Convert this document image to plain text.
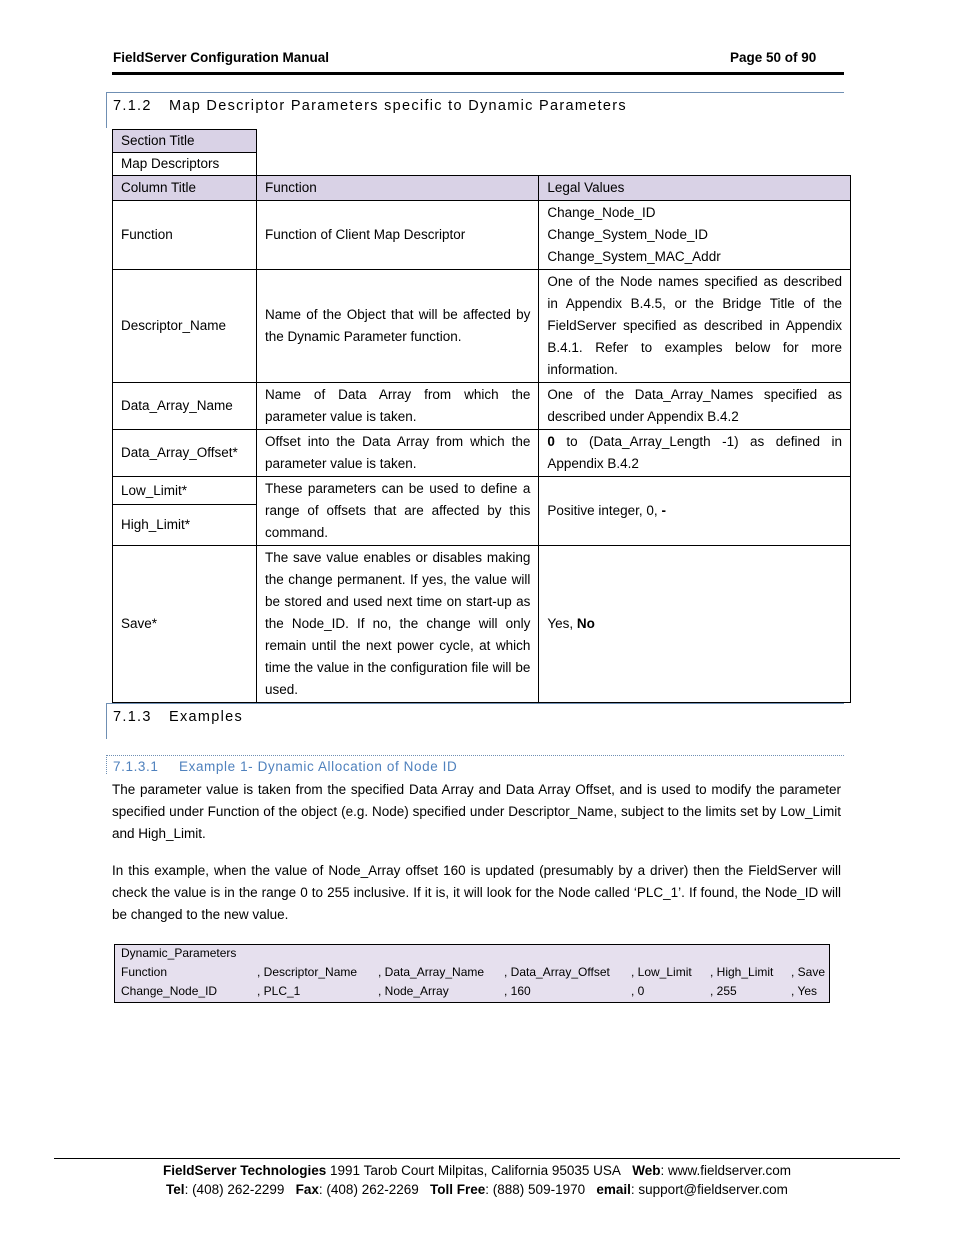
FieldServer Configuration Manual	Page 50 of 90
7.1.2 Map Descriptor Parameters specific to Dynamic Parameters
Section Title
Map Descriptors
Column Title	Function	Legal Values
Function	Function of Client Map Descriptor	Change_Node_ID
Change_System_Node_ID
Change_System_MAC_Addr

Descriptor_Name	Name of the Object that will be affected by the Dynamic Parameter function.	One of the Node names specified as described in Appendix B.4.5, or the Bridge Title of the FieldServer specified as described in Appendix B.4.1. Refer to examples below for more information.
Data_Array_Name	Name of Data Array from which the parameter value is taken.	One of the Data_Array_Names specified as described under Appendix B.4.2
Data_Array_Offset*	Offset into the Data Array from which the parameter value is taken.	0 to (Data_Array_Length -1) as defined in Appendix B.4.2
Low_Limit*	These parameters can be used to define a range of offsets that are affected by this command.	Positive integer, 0, -
High_Limit*		
Save*	The save value enables or disables making the change permanent. If yes, the value will be stored and used next time on start-up as the Node_ID. If no, the change will only remain until the next power cycle, at which time the value in the configuration file will be used.	Yes, No
7.1.3 Examples
7.1.3.1 Example 1- Dynamic Allocation of Node ID
The parameter value is taken from the specified Data Array and Data Array Offset, and is used to modify the parameter specified under Function of the object (e.g. Node) specified under Descriptor_Name, subject to the limits set by Low_Limit and High_Limit.
In this example, when the value of Node_Array offset 160 is updated (presumably by a driver) then the FieldServer will check the value is in the range 0 to 255 inclusive. If it is, it will look for the Node called ‘PLC_1’. If found, the Node_ID will be changed to the new value.
Dynamic_Parameters
Function	, Descriptor_Name , Data_Array_Name , Data_Array_Offset , Low_Limit , High_Limit , Save
Change_Node_ID	, PLC_1	, Node_Array	, 160	, 0	, 255	, Yes
FieldServer Technologies 1991 Tarob Court Milpitas, California 95035 USA Web: www.fieldserver.com
Tel: (408) 262-2299 Fax: (408) 262-2269 Toll Free: (888) 509-1970 email: support@fieldserver.com
